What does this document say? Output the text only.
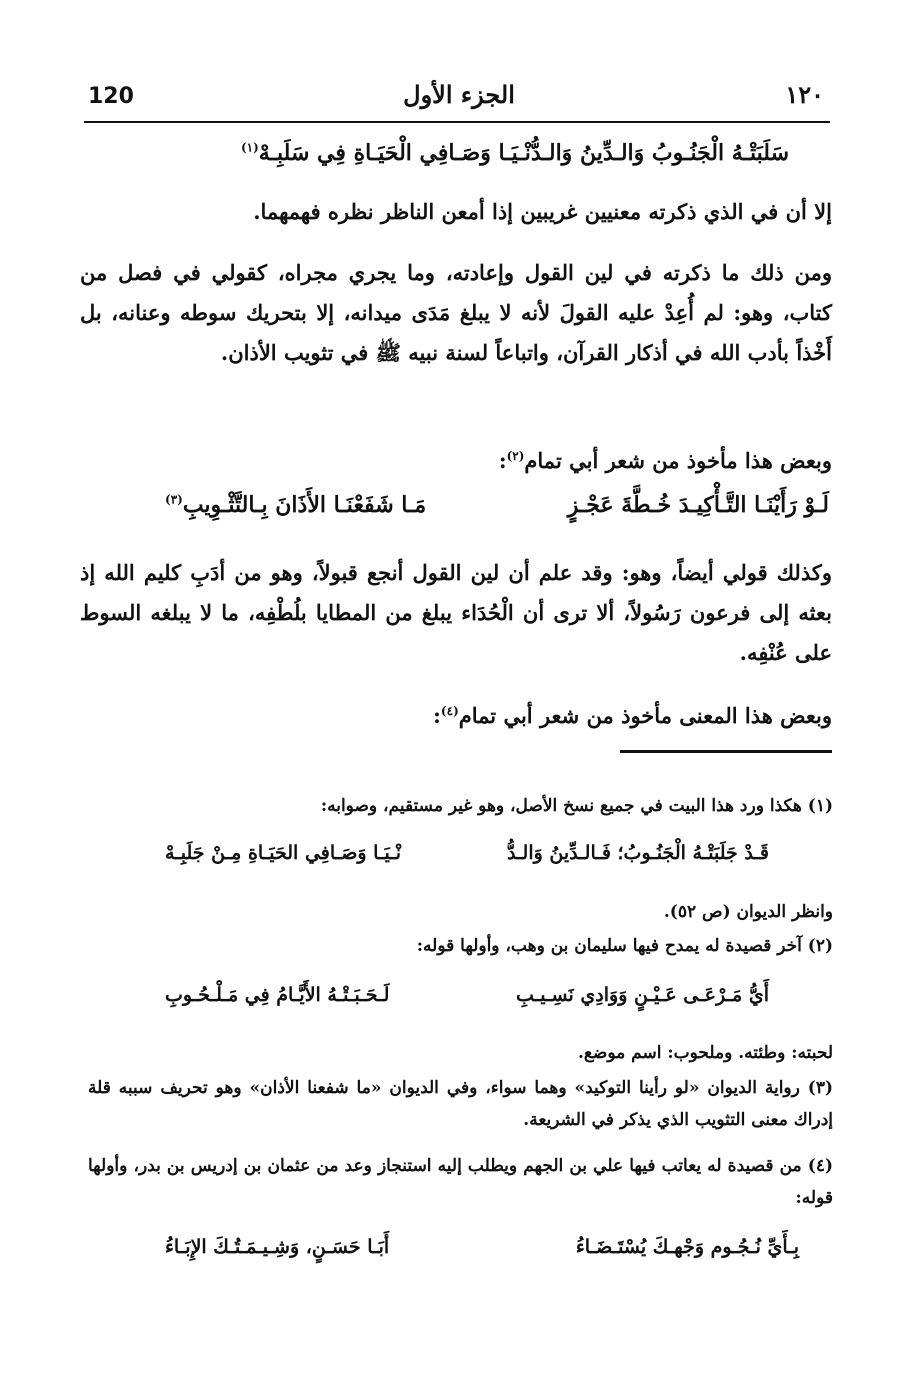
120	الجزء الأول	١٢٠
سَلَبَتْـهُ الْجَنُـوبُ وَالـدِّينُ وَالـدُّنْـيَـا وَصَـافِي الْحَيَـاةِ فِي سَلَبِـهْ$^{(١)}$
إلا أن في الذي ذكرته معنيين غريبين إذا أمعن الناظر نظره فهمهما.
ومن ذلك ما ذكرته في لين القول وإعادته، وما يجري مجراه، كقولي في فصل من كتاب، وهو: لم أُعِدْ عليه القولَ لأنه لا يبلغ مَدَى ميدانه، إلا بتحريك سوطه وعنانه، بل أَخْذاً بأدب الله في أذكار القرآن، واتباعاً لسنة نبيه ﷺ في تثويب الأذان.
وبعض هذا مأخوذ من شعر أبي تمام$^{(٢)}$:
لَـوْ رَأَيْنَـا التَّـأْكِيـدَ خُـطَّةَ عَجْـزٍ
مَـا شَفَعْنَـا الأَذَانَ بِـالتَّثْـوِيبِ$^{(٣)}$
وكذلك قولي أيضاً، وهو: وقد علم أن لين القول أنجع قبولاً، وهو من أدَبِ كليم الله إذ بعثه إلى فرعون رَسُولاً، ألا ترى أن الْحُدَاء يبلغ من المطايا بلُطْفِه، ما لا يبلغه السوط على عُنْفِه.
وبعض هذا المعنى مأخوذ من شعر أبي تمام$^{(٤)}$:
(١) هكذا ورد هذا البيت في جميع نسخ الأصل، وهو غير مستقيم، وصوابه:
قَـدْ جَلَبَتْـهُ الْجَنُـوبُ؛ فَـالـدِّينُ وَالـدُّ
نْـيَـا وَصَـافِي الحَيَـاةِ مِـنْ جَلَبِـهْ
وانظر الديوان (ص ٥٢).
(٢) آخر قصيدة له يمدح فيها سليمان بن وهب، وأولها قوله:
أَيُّ مَـرْعَـى عَـيْـنٍ وَوَادِي نَسِـيـبِ
لَـحَـبَـتْـهُ الأَيَّـامُ فِي مَـلْـحُـوبِ
لحبته: وطئته. وملحوب: اسم موضع.
(٣) رواية الديوان «لو رأينا التوكيد» وهما سواء، وفي الديوان «ما شفعنا الأذان» وهو تحريف سببه قلة إدراك معنى التثويب الذي يذكر في الشريعة.
(٤) من قصيدة له يعاتب فيها علي بن الجهم ويطلب إليه استنجاز وعد من عثمان بن إدريس بن بدر، وأولها قوله:
بِـأَيِّ نُـجُـوم وَجْهـكَ يُسْتَـضَـاءُ
أَبَـا حَسَـنٍ، وَشِـيـمَـتُـكَ الإِبَـاءُ
